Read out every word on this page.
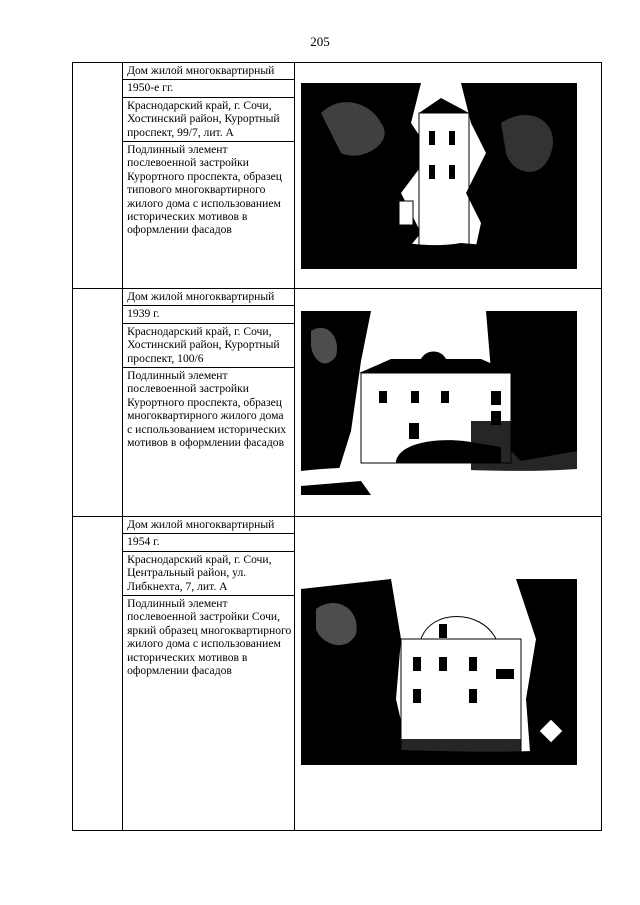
205

	Дом жилой многоквартирный
1950-е гг.
Краснодарский край, г. Сочи, Хостинский район, Курортный проспект, 99/7, лит. А
Подлинный элемент послевоенной застройки Курортного проспекта, образец типового многоквартирного жилого дома с использованием исторических мотивов в оформлении фасадов

	Дом жилой многоквартирный
1939 г.
Краснодарский край, г. Сочи, Хостинский район, Курортный проспект, 100/6
Подлинный элемент послевоенной застройки Курортного проспекта, образец многоквартирного жилого дома с использованием исторических мотивов в оформлении фасадов

	Дом жилой многоквартирный
1954 г.
Краснодарский край, г. Сочи, Центральный район, ул. Либкнехта, 7, лит. А
Подлинный элемент послевоенной застройки Сочи, яркий образец многоквартирного жилого дома с использованием исторических мотивов в оформлении фасадов
